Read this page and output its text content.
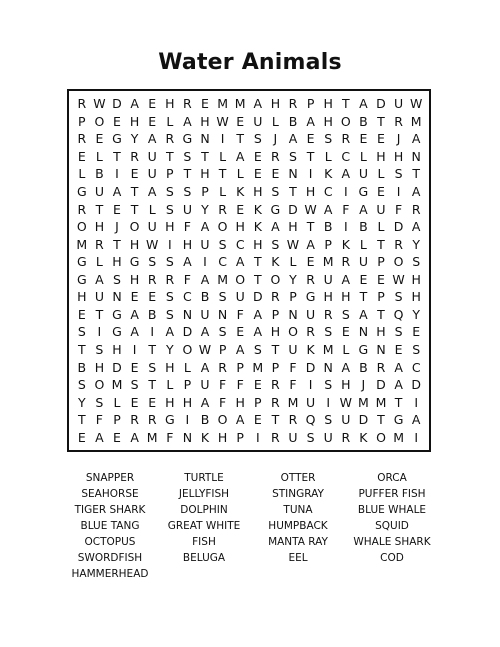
Water Animals
R W D A E H R E M M A H R P H T A D U W
P O E H E L A H W E U L B A H O B T R M
R E G Y A R G N I T S J A E S R E E J A
E L T R U T S T L A E R S T L C L H H N
L B I E U P T H T L E E N I K A U L S T
G U A T A S S P L K H S T H C I G E I A
R T E T L S U Y R E K G D W A F A U F R
O H J O U H F A O H K A H T B I B L D A
M R T H W I H U S C H S W A P K L T R Y
G L H G S S A I C A T K L E M R U P O S
G A S H R R F A M O T O Y R U A E E W H
H U N E E S C B S U D R P G H H T P S H
E T G A B S N U N F A P N U R S A T Q Y
S I G A I A D A S E A H O R S E N H S E
T S H I T Y O W P A S T U K M L G N E S
B H D E S H L A R P M P F D N A B R A C
S O M S T L P U F F E R F I S H J D A D
Y S L E E H H A F H P R M U I W M M T I
T F P R R G I B O A E T R Q S U D T G A
E A E A M F N K H P I R U S U R K O M I
SNAPPER	TURTLE	OTTER	ORCA
SEAHORSE	JELLYFISH	STINGRAY	PUFFER FISH
TIGER SHARK	DOLPHIN	TUNA	BLUE WHALE
BLUE TANG	GREAT WHITE	HUMPBACK	SQUID
OCTOPUS	FISH	MANTA RAY	WHALE SHARK
SWORDFISH	BELUGA	EEL	COD
HAMMERHEAD
